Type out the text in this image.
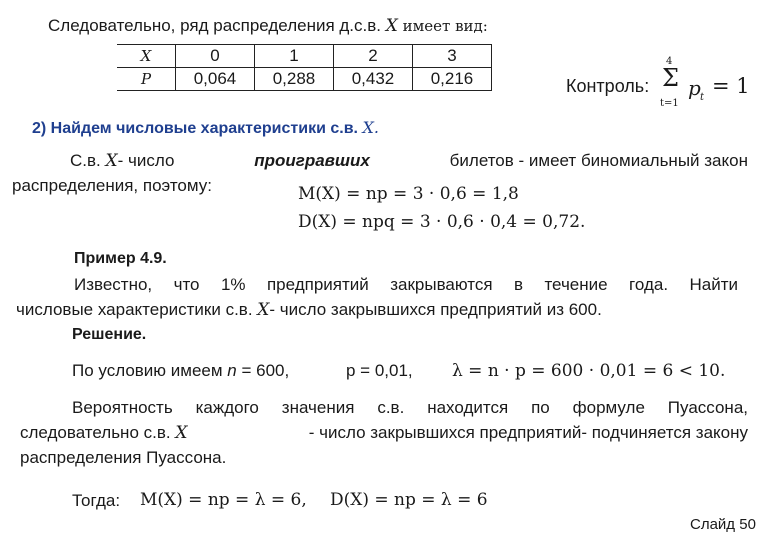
Следовательно, ряд распределения д.с.в. X имеет вид:
X	0	1	2	3
P	0,064	0,288	0,432	0,216	Контроль:
4
Σ
t=1
p t = 1
2) Найдем числовые характеристики с.в. X.
С.в. X- число	проигравших	билетов - имеет биномиальный закон
распределения, поэтому:	M(X) = np = 3 · 0,6 = 1,8
D(X) = npq = 3 · 0,6 · 0,4 = 0,72.
Пример 4.9.
Известно, что 1% предприятий закрываются в течение года. Найти
числовые характеристики с.в. X- число закрывшихся предприятий из 600.
Решение.
По условию имеем n = 600,	p = 0,01, λ = n · p = 600 · 0,01 = 6 < 10.
Вероятность каждого значения с.в. находится по формуле Пуассона,
следовательно с.в. X	- число закрывшихся предприятий- подчиняется закону
распределения Пуассона.
Тогда: M(X) = np = λ = 6, D(X) = np = λ = 6
Слайд 50
